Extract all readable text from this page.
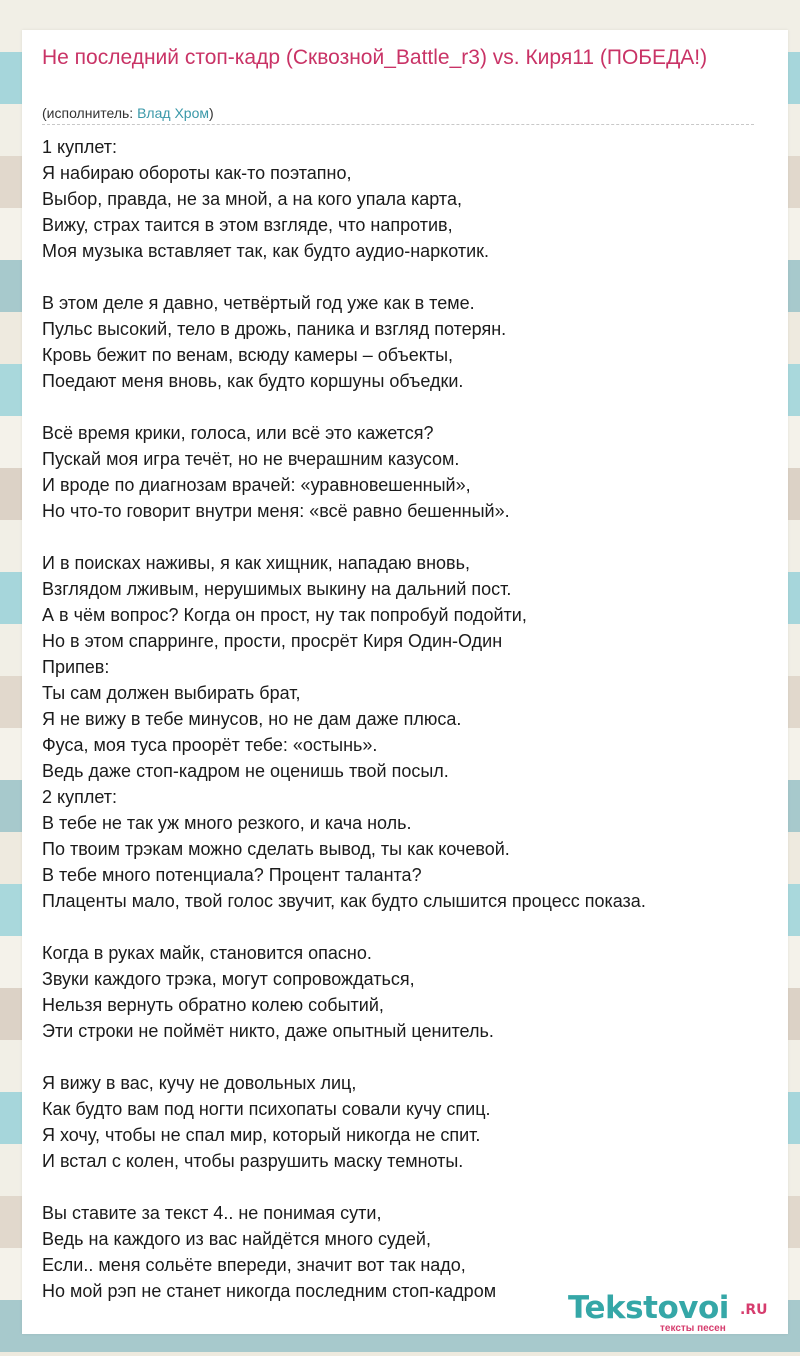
Не последний стоп-кадр (Сквозной_Battle_r3) vs. Киря11 (ПОБЕДА!)
(исполнитель: Влад Хром)
1 куплет:
Я набираю обороты как-то поэтапно,
Выбор, правда, не за мной, а на кого упала карта,
Вижу, страх таится в этом взгляде, что напротив,
Моя музыка вставляет так, как будто аудио-наркотик.
В этом деле я давно, четвёртый год уже как в теме.
Пульс высокий, тело в дрожь, паника и взгляд потерян.
Кровь бежит по венам, всюду камеры – объекты,
Поедают меня вновь, как будто коршуны объедки.
Всё время крики, голоса, или всё это кажется?
Пускай моя игра течёт, но не вчерашним казусом.
И вроде по диагнозам врачей: «уравновешенный»,
Но что-то говорит внутри меня: «всё равно бешенный».
И в поисках наживы, я как хищник, нападаю вновь,
Взглядом лживым, нерушимых выкину на дальний пост.
А в чём вопрос? Когда он прост, ну так попробуй подойти,
Но в этом спарринге, прости, просрёт Киря Один-Один
Припев:
Ты сам должен выбирать брат,
Я не вижу в тебе минусов, но не дам даже плюса.
Фуса, моя туса проорёт тебе: «остынь».
Ведь даже стоп-кадром не оценишь твой посыл.
2 куплет:
В тебе не так уж много резкого, и кача ноль.
По твоим трэкам можно сделать вывод, ты как кочевой.
В тебе много потенциала? Процент таланта?
Плаценты мало, твой голос звучит, как будто слышится процесс показа.
Когда в руках майк, становится опасно.
Звуки каждого трэка, могут сопровождаться,
Нельзя вернуть обратно колею событий,
Эти строки не поймёт никто, даже опытный ценитель.
Я вижу в вас, кучу не довольных лиц,
Как будто вам под ногти психопаты совали кучу спиц.
Я хочу, чтобы не спал мир, который никогда не спит.
И встал с колен, чтобы разрушить маску темноты.
Вы ставите за текст 4.. не понимая сути,
Ведь на каждого из вас найдётся много судей,
Если.. меня сольёте впереди, значит вот так надо,
Но мой рэп не станет никогда последним стоп-кадром	Tekstovoi .RU
тексты песен
